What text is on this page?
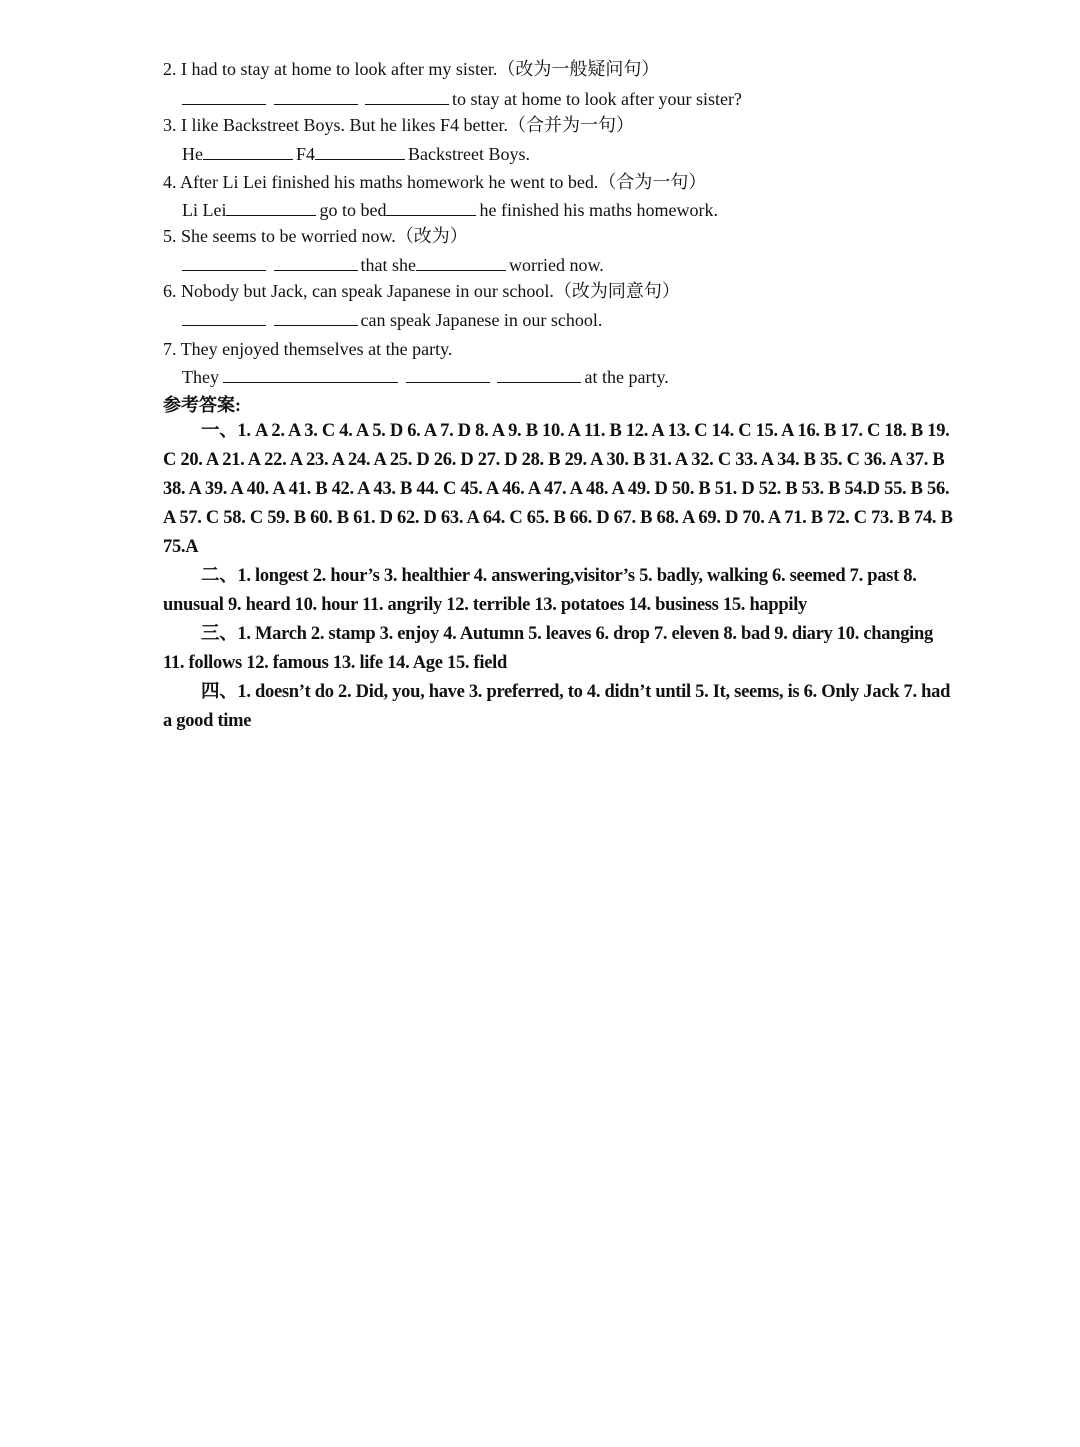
2. I had to stay at home to look after my sister.（改为一般疑问句）
to stay at home to look after your sister?
3. I like Backstreet Boys. But he likes F4 better.（合并为一句）
He	F4	Backstreet Boys.
4. After Li Lei finished his maths homework he went to bed.（合为一句）
Li Lei	go to bed	he finished his maths homework.
5. She seems to be worried now.（改为）
that she	worried now.
6. Nobody but Jack, can speak Japanese in our school.（改为同意句）
can speak Japanese in our school.
7. They enjoyed themselves at the party.
They	at the party.
参考答案:

一、1. A 2. A 3. C 4. A 5. D 6. A 7. D 8. A 9. B 10. A 11. B 12. A 13. C 14. C 15. A 16. B 17. C 18. B 19. C 20. A 21. A 22. A 23. A 24. A 25. D 26. D 27. D 28. B 29. A 30. B 31. A 32. C 33. A 34. B 35. C 36. A 37. B 38. A 39. A 40. A 41. B 42. A 43. B 44. C 45. A 46. A 47. A 48. A 49. D 50. B 51. D 52. B 53. B 54.D 55. B 56. A 57. C 58. C 59. B 60. B 61. D 62. D 63. A 64. C 65. B 66. D 67. B 68. A 69. D 70. A 71. B 72. C 73. B 74. B 75.A

二、1. longest 2. hour’s 3. healthier 4. answering,visitor’s 5. badly, walking 6. seemed 7. past 8. unusual 9. heard 10. hour 11. angrily 12. terrible 13. potatoes 14. business 15. happily

三、1. March 2. stamp 3. enjoy 4. Autumn 5. leaves 6. drop 7. eleven 8. bad 9. diary 10. changing 11. follows 12. famous 13. life 14. Age 15. field

四、1. doesn’t do 2. Did, you, have 3. preferred, to 4. didn’t until 5. It, seems, is 6. Only Jack 7. had a good time
